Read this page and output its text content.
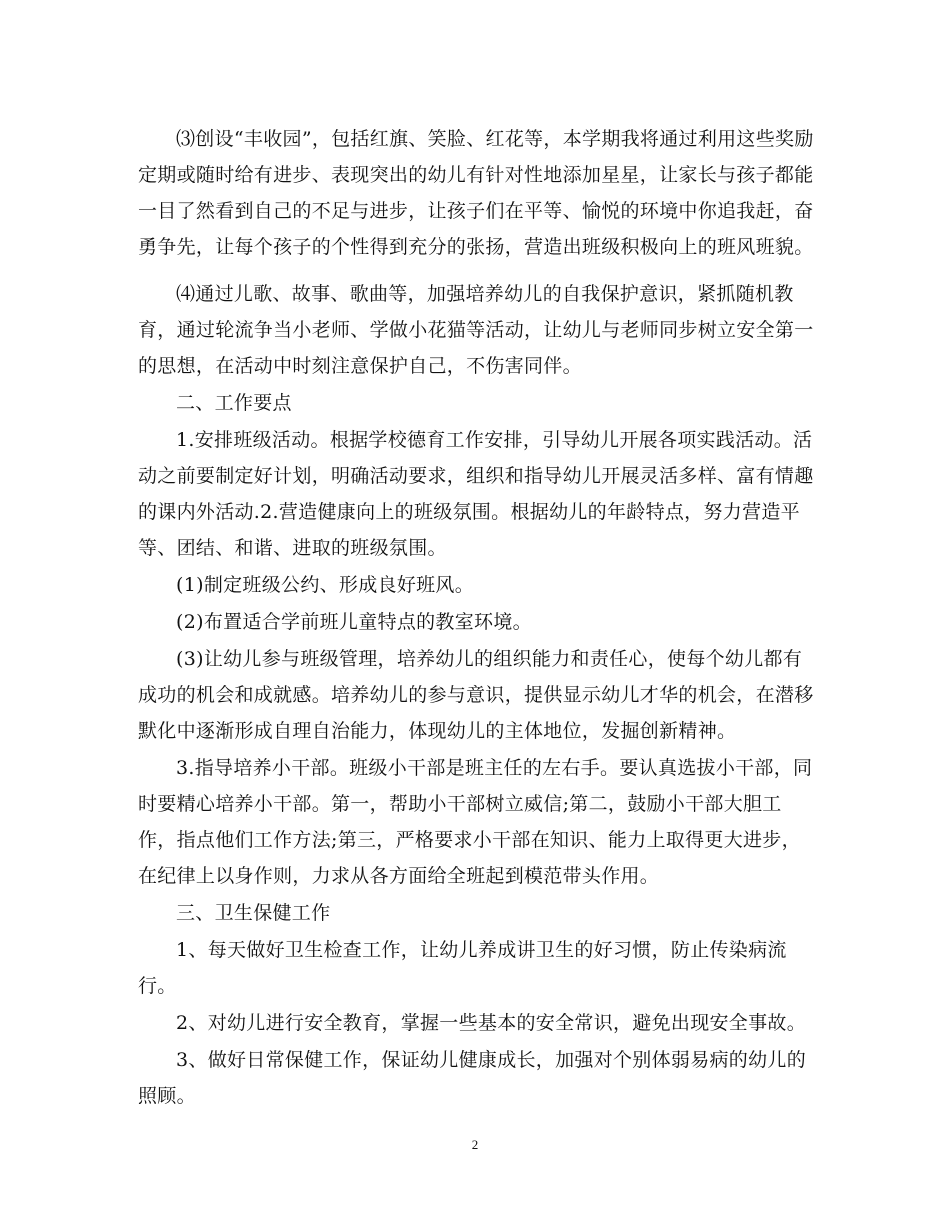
⑶创设“丰收园”，包括红旗、笑脸、红花等，本学期我将通过利用这些奖励
定期或随时给有进步、表现突出的幼儿有针对性地添加星星，让家长与孩子都能
一目了然看到自己的不足与进步，让孩子们在平等、愉悦的环境中你追我赶，奋
勇争先，让每个孩子的个性得到充分的张扬，营造出班级积极向上的班风班貌。
⑷通过儿歌、故事、歌曲等，加强培养幼儿的自我保护意识，紧抓随机教
育，通过轮流争当小老师、学做小花猫等活动，让幼儿与老师同步树立安全第一
的思想，在活动中时刻注意保护自己，不伤害同伴。
二、工作要点
1.安排班级活动。根据学校德育工作安排，引导幼儿开展各项实践活动。活
动之前要制定好计划，明确活动要求，组织和指导幼儿开展灵活多样、富有情趣
的课内外活动.2.营造健康向上的班级氛围。根据幼儿的年龄特点，努力营造平
等、团结、和谐、进取的班级氛围。
(1)制定班级公约、形成良好班风。
(2)布置适合学前班儿童特点的教室环境。
(3)让幼儿参与班级管理，培养幼儿的组织能力和责任心，使每个幼儿都有
成功的机会和成就感。培养幼儿的参与意识，提供显示幼儿才华的机会，在潜移
默化中逐渐形成自理自治能力，体现幼儿的主体地位，发掘创新精神。
3.指导培养小干部。班级小干部是班主任的左右手。要认真选拔小干部，同
时要精心培养小干部。第一，帮助小干部树立威信;第二，鼓励小干部大胆工
作，指点他们工作方法;第三，严格要求小干部在知识、能力上取得更大进步，
在纪律上以身作则，力求从各方面给全班起到模范带头作用。
三、卫生保健工作
1、每天做好卫生检查工作，让幼儿养成讲卫生的好习惯，防止传染病流
行。
2、对幼儿进行安全教育，掌握一些基本的安全常识，避免出现安全事故。
3、做好日常保健工作，保证幼儿健康成长，加强对个别体弱易病的幼儿的
照顾。
2
